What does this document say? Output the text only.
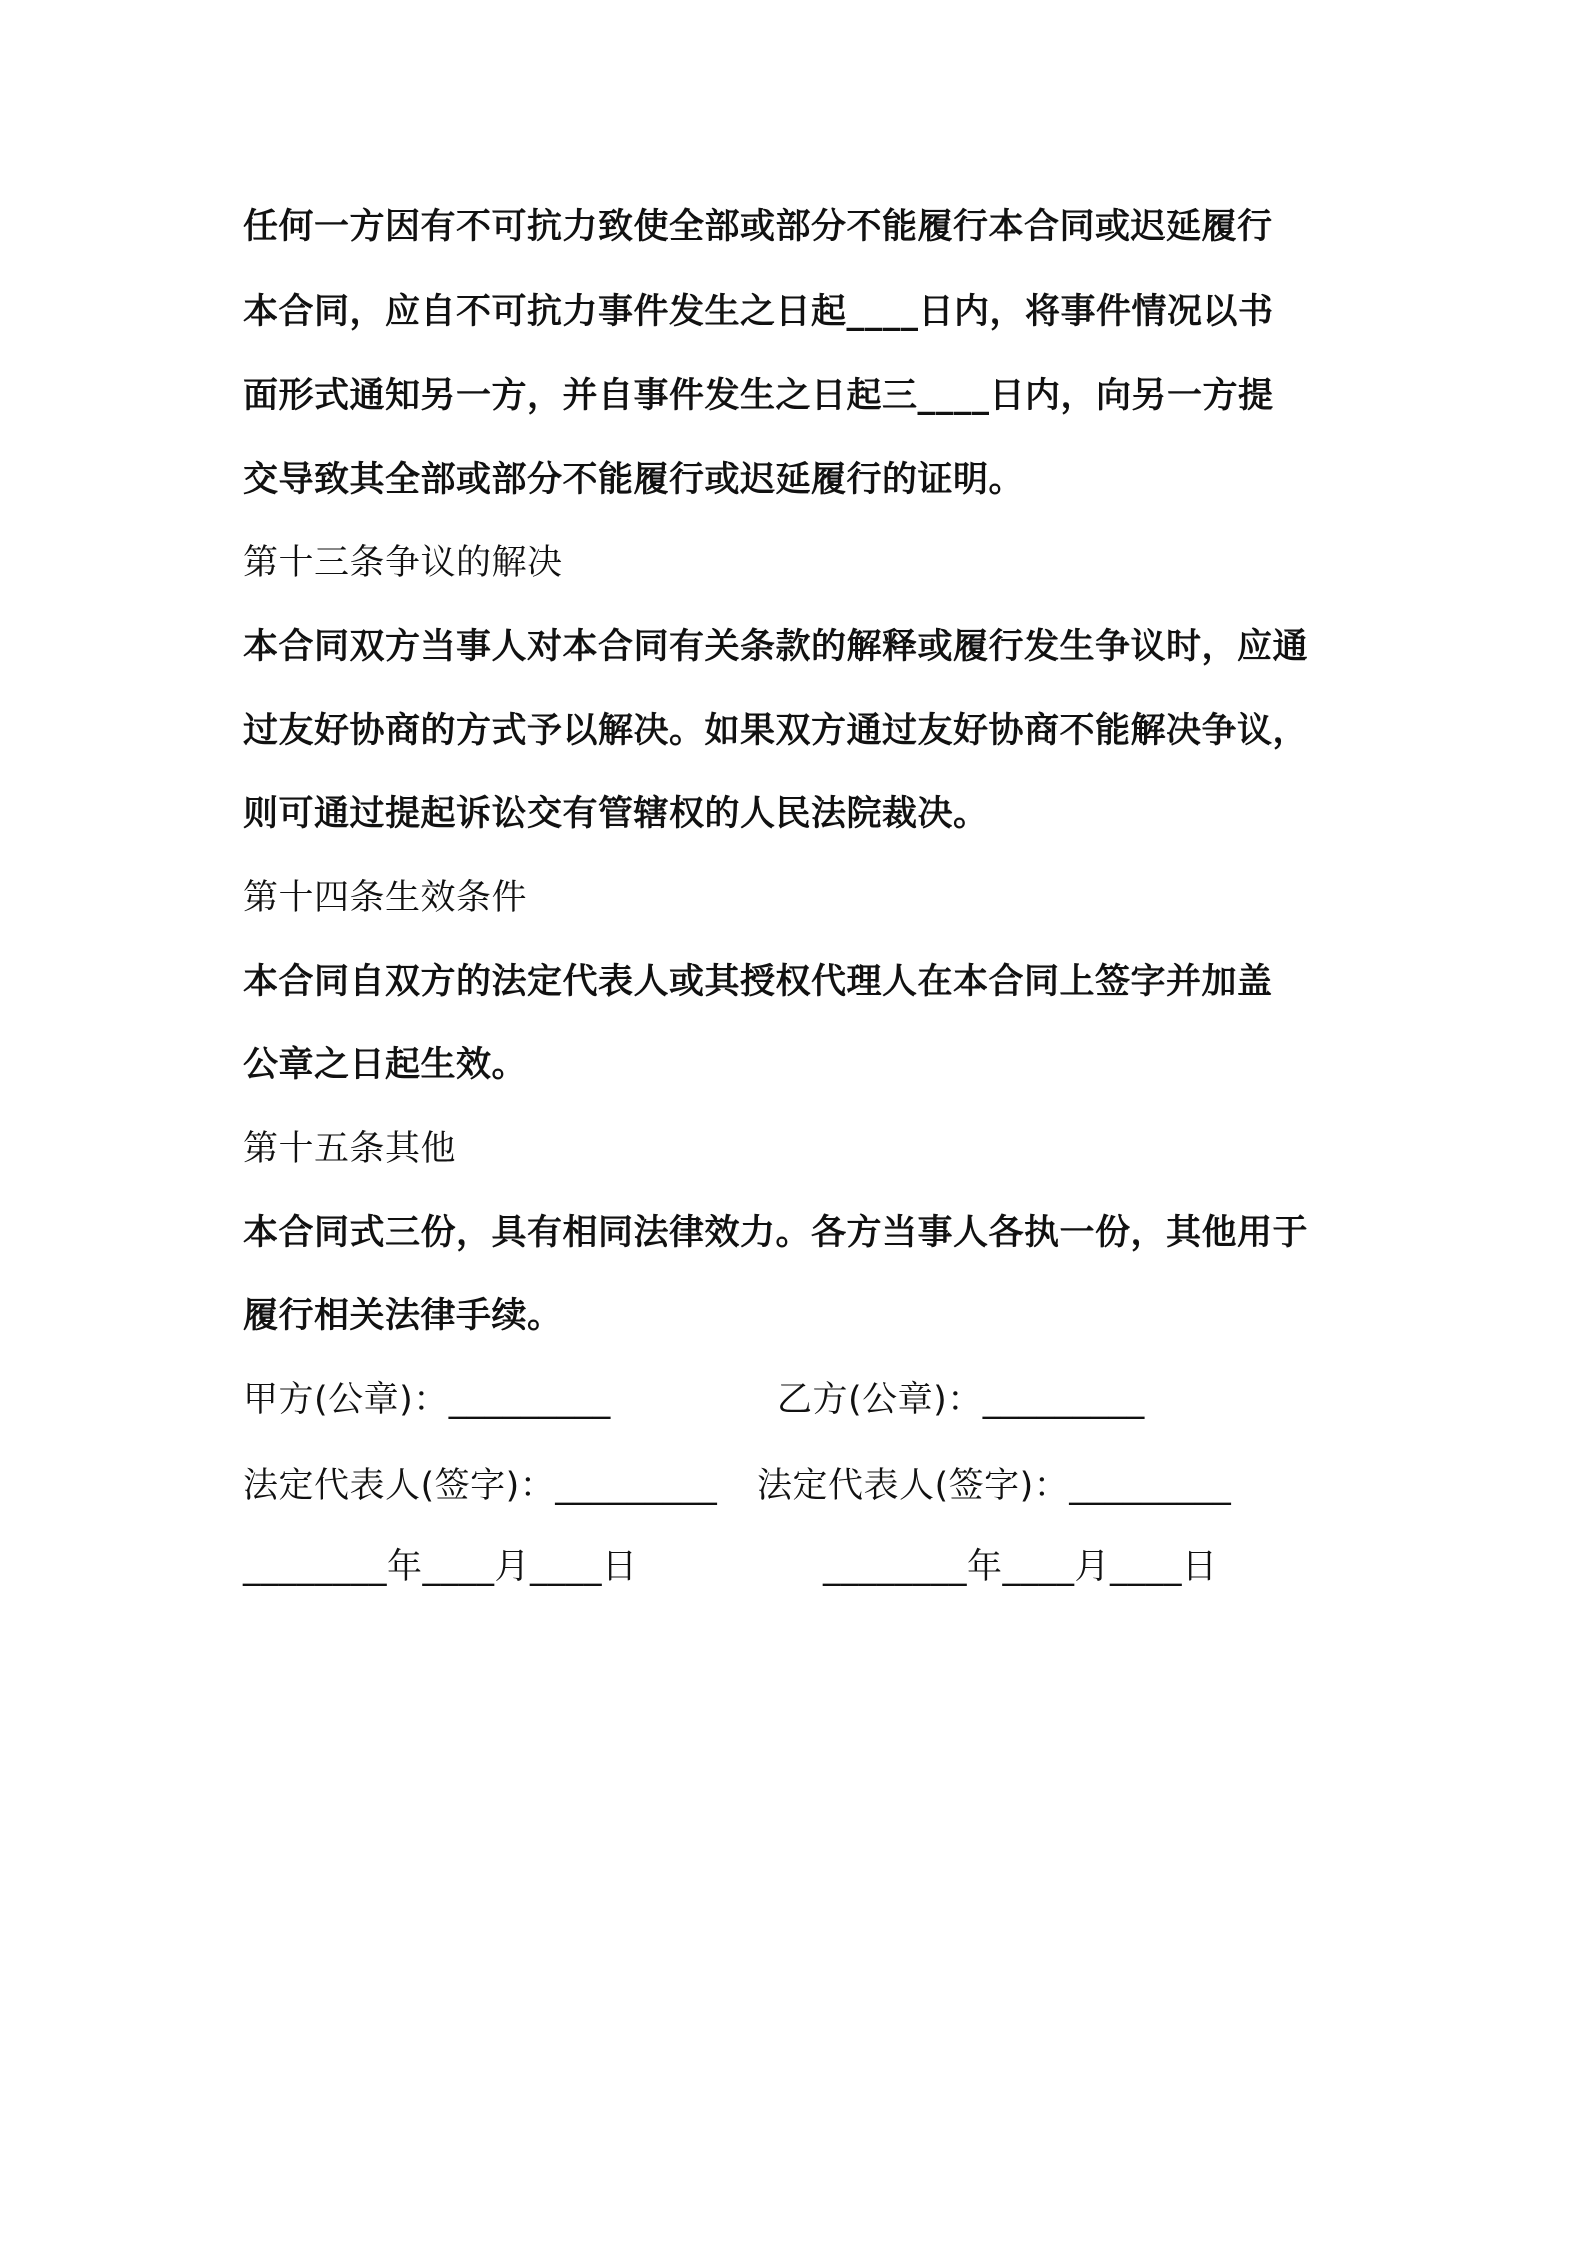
任何一方因有不可抗力致使全部或部分不能履行本合同或迟延履行
本合同，应自不可抗力事件发生之日起____日内，将事件情况以书
面形式通知另一方，并自事件发生之日起三____日内，向另一方提
交导致其全部或部分不能履行或迟延履行的证明。
第十三条争议的解决
本合同双方当事人对本合同有关条款的解释或履行发生争议时，应通
过友好协商的方式予以解决。如果双方通过友好协商不能解决争议，
则可通过提起诉讼交有管辖权的人民法院裁决。
第十四条生效条件
本合同自双方的法定代表人或其授权代理人在本合同上签字并加盖
公章之日起生效。
第十五条其他
本合同式三份，具有相同法律效力。各方当事人各执一份，其他用于
履行相关法律手续。
甲方(公章)：_________	乙方(公章)：_________
法定代表人(签字)：_________ 法定代表人(签字)：_________
________年____月____日	________年____月____日
